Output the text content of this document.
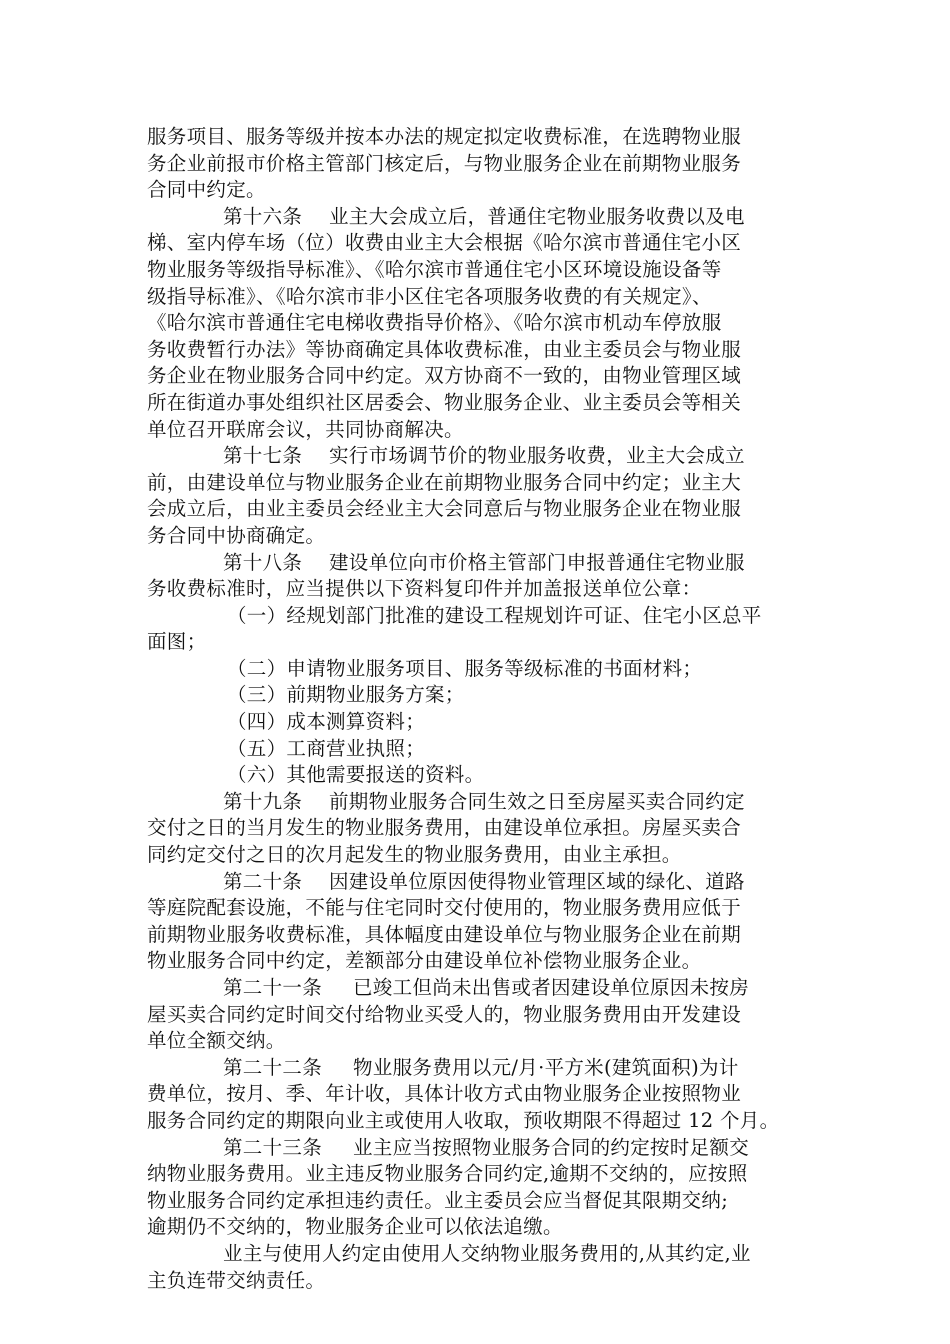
服务项目、服务等级并按本办法的规定拟定收费标准，在选聘物业服
务企业前报市价格主管部门核定后，与物业服务企业在前期物业服务
合同中约定。
第十六条 业主大会成立后，普通住宅物业服务收费以及电
梯、室内停车场（位）收费由业主大会根据《哈尔滨市普通住宅小区
物业服务等级指导标准》、《哈尔滨市普通住宅小区环境设施设备等
级指导标准》、《哈尔滨市非小区住宅各项服务收费的有关规定》、
《哈尔滨市普通住宅电梯收费指导价格》、《哈尔滨市机动车停放服
务收费暂行办法》等协商确定具体收费标准，由业主委员会与物业服
务企业在物业服务合同中约定。双方协商不一致的，由物业管理区域
所在街道办事处组织社区居委会、物业服务企业、业主委员会等相关
单位召开联席会议，共同协商解决。
第十七条 实行市场调节价的物业服务收费，业主大会成立
前，由建设单位与物业服务企业在前期物业服务合同中约定；业主大
会成立后，由业主委员会经业主大会同意后与物业服务企业在物业服
务合同中协商确定。
第十八条 建设单位向市价格主管部门申报普通住宅物业服
务收费标准时，应当提供以下资料复印件并加盖报送单位公章：
（一）经规划部门批准的建设工程规划许可证、住宅小区总平
面图；
（二）申请物业服务项目、服务等级标准的书面材料；
（三）前期物业服务方案；
（四）成本测算资料；
（五）工商营业执照；
（六）其他需要报送的资料。
第十九条 前期物业服务合同生效之日至房屋买卖合同约定
交付之日的当月发生的物业服务费用，由建设单位承担。房屋买卖合
同约定交付之日的次月起发生的物业服务费用，由业主承担。
第二十条 因建设单位原因使得物业管理区域的绿化、道路
等庭院配套设施，不能与住宅同时交付使用的，物业服务费用应低于
前期物业服务收费标准，具体幅度由建设单位与物业服务企业在前期
物业服务合同中约定，差额部分由建设单位补偿物业服务企业。
第二十一条 已竣工但尚未出售或者因建设单位原因未按房
屋买卖合同约定时间交付给物业买受人的，物业服务费用由开发建设
单位全额交纳。
第二十二条 物业服务费用以元/月·平方米(建筑面积)为计
费单位，按月、季、年计收，具体计收方式由物业服务企业按照物业
服务合同约定的期限向业主或使用人收取，预收期限不得超过 12 个月。
第二十三条 业主应当按照物业服务合同的约定按时足额交
纳物业服务费用。业主违反物业服务合同约定,逾期不交纳的，应按照
物业服务合同约定承担违约责任。业主委员会应当督促其限期交纳;
逾期仍不交纳的，物业服务企业可以依法追缴。
业主与使用人约定由使用人交纳物业服务费用的,从其约定,业
主负连带交纳责任。
